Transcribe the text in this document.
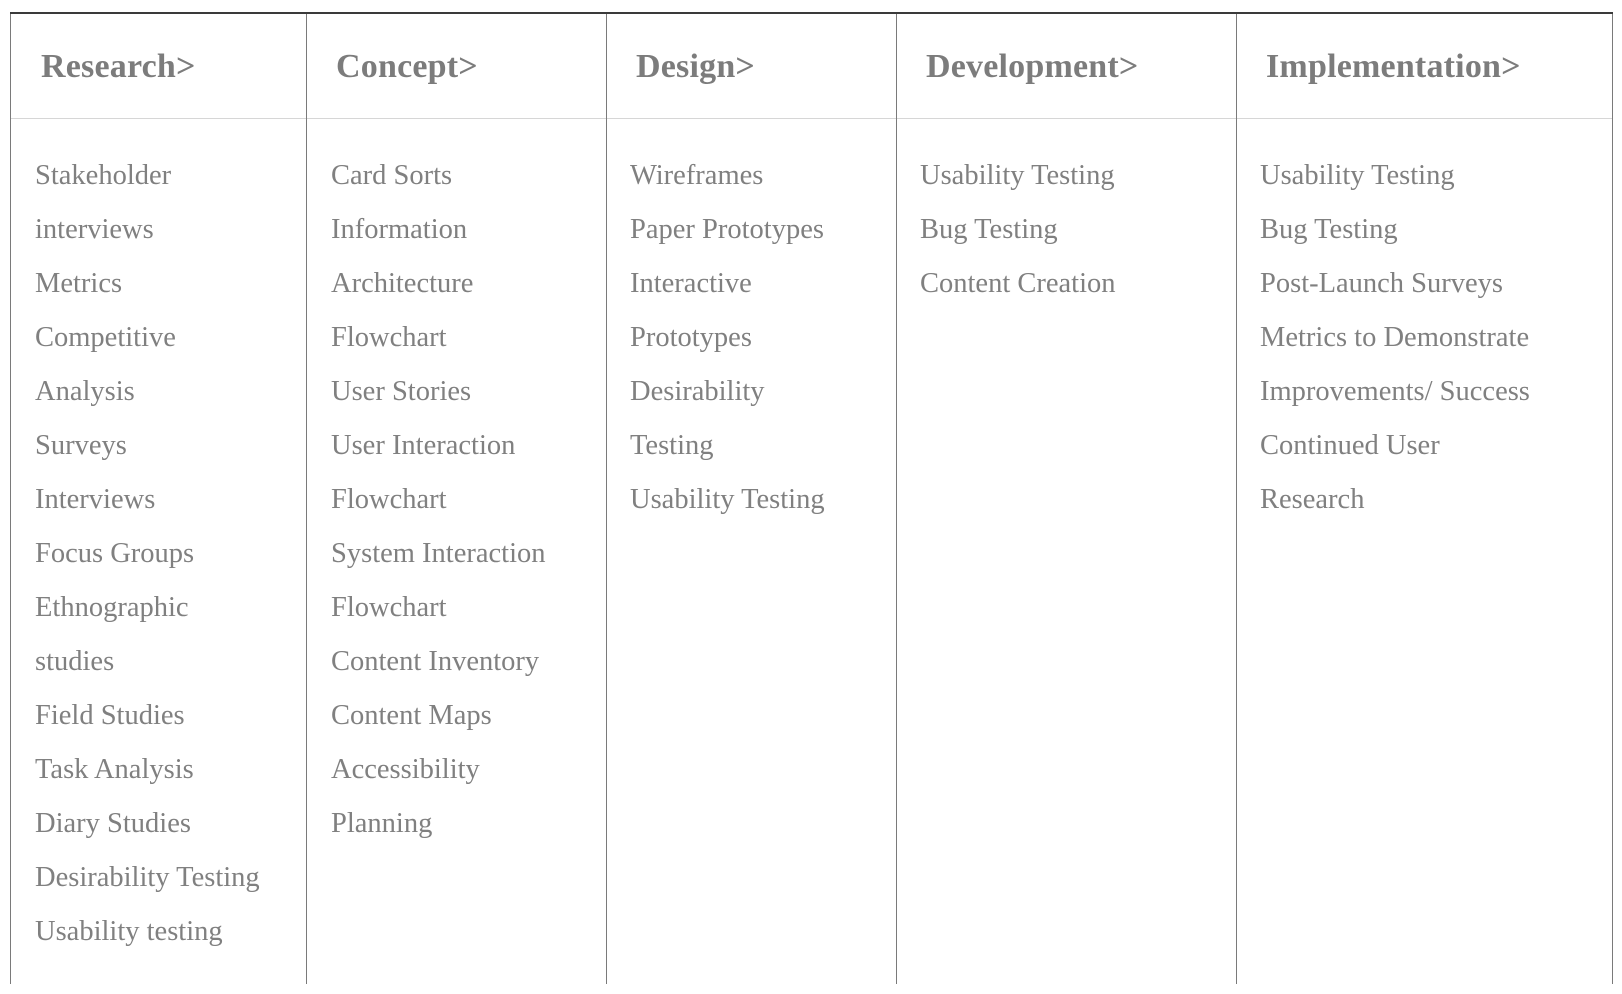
Research>
Stakeholder
interviews
Metrics
Competitive
Analysis
Surveys
Interviews
Focus Groups
Ethnographic
studies
Field Studies
Task Analysis
Diary Studies
Desirability Testing
Usability testing
Concept>
Card Sorts
Information
Architecture
Flowchart
User Stories
User Interaction
Flowchart
System Interaction
Flowchart
Content Inventory
Content Maps
Accessibility
Planning
Design>
Wireframes
Paper Prototypes
Interactive
Prototypes
Desirability
Testing
Usability Testing
Development>
Usability Testing
Bug Testing
Content Creation
Implementation>
Usability Testing
Bug Testing
Post-Launch Surveys
Metrics to Demonstrate
Improvements/ Success
Continued User
Research
